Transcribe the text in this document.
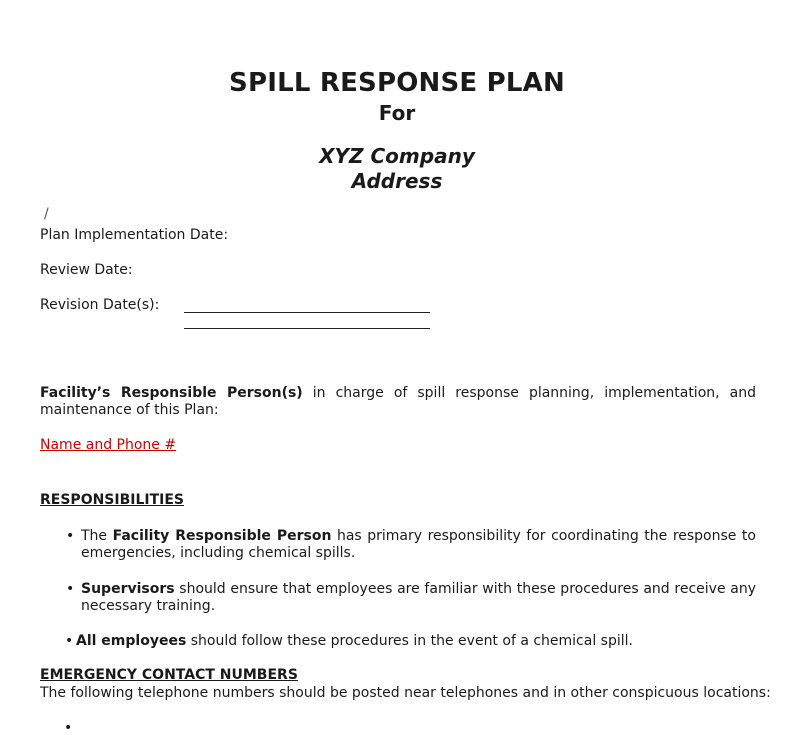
SPILL RESPONSE PLAN
For
XYZ Company
Address
/
Plan Implementation Date:
Review Date:
Revision Date(s):
Facility’s Responsible Person(s) in charge of spill response planning, implementation, and maintenance of this Plan:
Name and Phone #
RESPONSIBILITIES
• The Facility Responsible Person has primary responsibility for coordinating the response to emergencies, including chemical spills.
• Supervisors should ensure that employees are familiar with these procedures and receive any necessary training.
• All employees should follow these procedures in the event of a chemical spill.
EMERGENCY CONTACT NUMBERS
The following telephone numbers should be posted near telephones and in other conspicuous locations:
•
